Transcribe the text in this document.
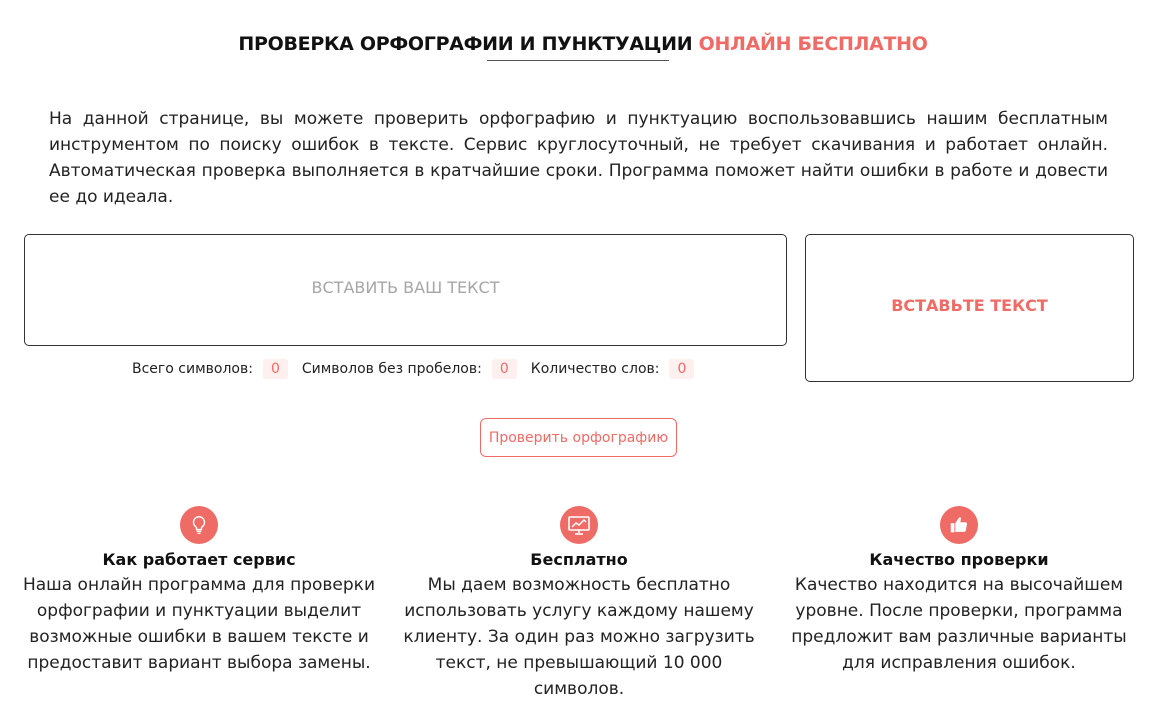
ПРОВЕРКА ОРФОГРАФИИ И ПУНКТУАЦИИ ОНЛАЙН БЕСПЛАТНО
На данной странице, вы можете проверить орфографию и пунктуацию воспользовавшись нашим бесплатным инструментом по поиску ошибок в тексте. Сервис круглосуточный, не требует скачивания и работает онлайн. Автоматическая проверка выполняется в кратчайшие сроки. Программа поможет найти ошибки в работе и довести ее до идеала.
ВСТАВИТЬ ВАШ ТЕКСТ
ВСТАВЬТЕ ТЕКСТ
Всего символов:	0	Символов без пробелов:	0	Количество слов:	0
Проверить орфографию
Как работает сервис
Наша онлайн программа для проверки орфографии и пунктуации выделит возможные ошибки в вашем тексте и предоставит вариант выбора замены.
Бесплатно
Мы даем возможность бесплатно использовать услугу каждому нашему клиенту. За один раз можно загрузить текст, не превышающий 10 000 символов.
Качество проверки
Качество находится на высочайшем уровне. После проверки, программа предложит вам различные варианты для исправления ошибок.
